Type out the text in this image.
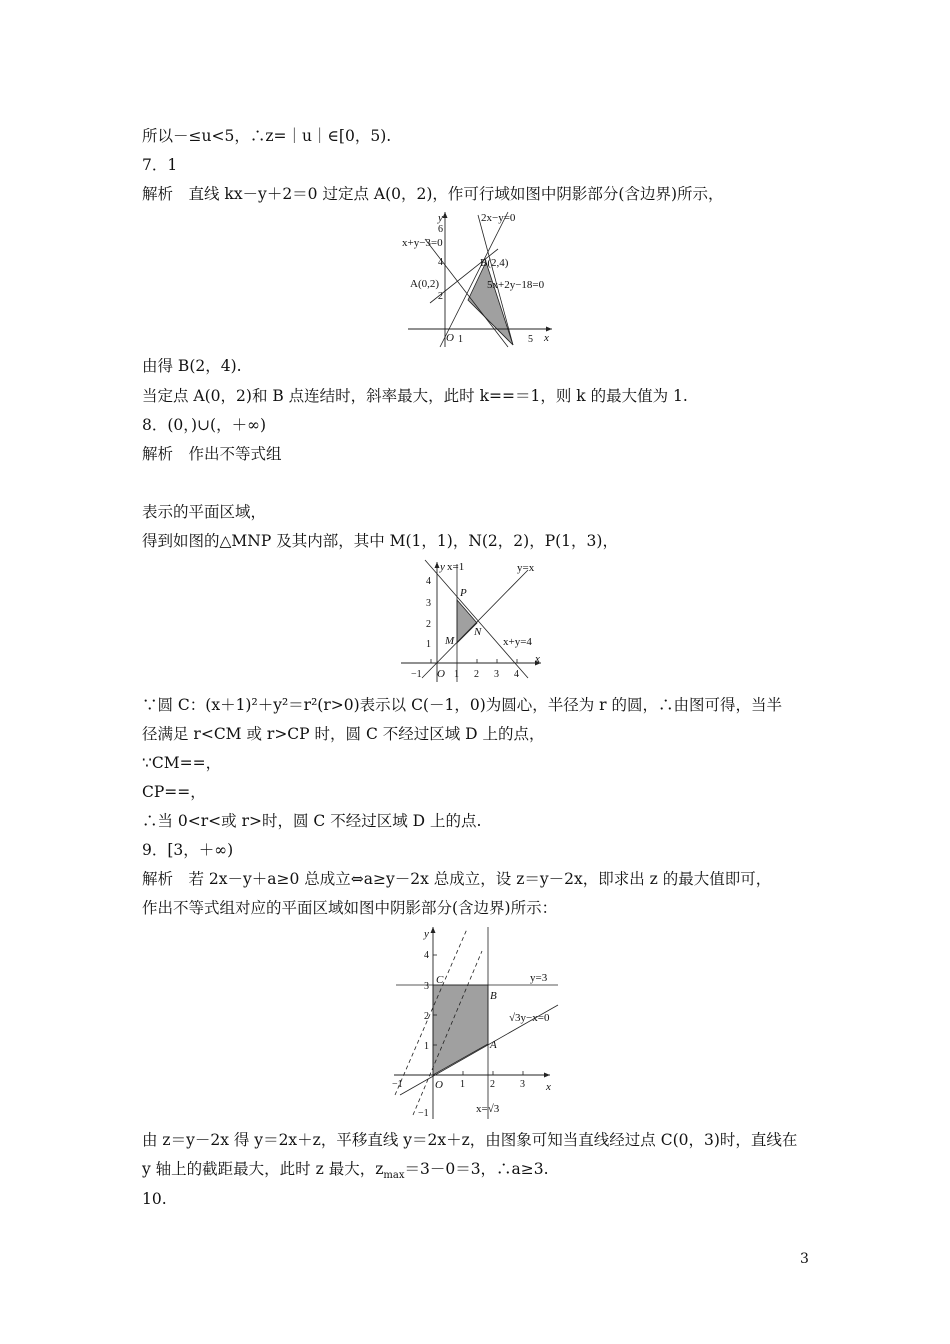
所以－≤u<5，∴z=｜u｜∈[0，5).
7．1
解析　直线 kx－y＋2＝0 过定点 A(0，2)，作可行域如图中阴影部分(含边界)所示，
y
x
O
6
4
2
1	5
2x−y=0
x+y−3=0
5x+2y−18=0
A(0,2)
B(2,4)
由得 B(2，4).
当定点 A(0，2)和 B 点连结时，斜率最大，此时 k==＝1，则 k 的最大值为 1.
8．(0，)∪(，＋∞)
解析　作出不等式组
表示的平面区域，
得到如图的△MNP 及其内部，其中 M(1，1)，N(2，2)，P(1，3)，
y
x
O
4
3
2
1
−1	1 2 3 4
x=1	y=x
x+y=4
P
M
N
∵圆 C：(x＋1)²＋y²＝r²(r>0)表示以 C(－1，0)为圆心，半径为 r 的圆，∴由图可得，当半
径满足 r<CM 或 r>CP 时，圆 C 不经过区域 D 上的点，
∵CM==，
CP==，
∴当 0<r<或 r>时，圆 C 不经过区域 D 上的点.
9．[3，＋∞)
解析　若 2x－y＋a≥0 总成立⇔a≥y－2x 总成立，设 z＝y－2x，即求出 z 的最大值即可，
作出不等式组对应的平面区域如图中阴影部分(含边界)所示：
y
x
O
4
3
2
1
−1
−1	1	2	3
y=3
√3y−x=0
x=√3
C
B
A
由 z＝y－2x 得 y＝2x＋z，平移直线 y＝2x＋z，由图象可知当直线经过点 C(0，3)时，直线在
y 轴上的截距最大，此时 z 最大，$z_{max}=3-0=3$，∴a≥3.
10.
3
